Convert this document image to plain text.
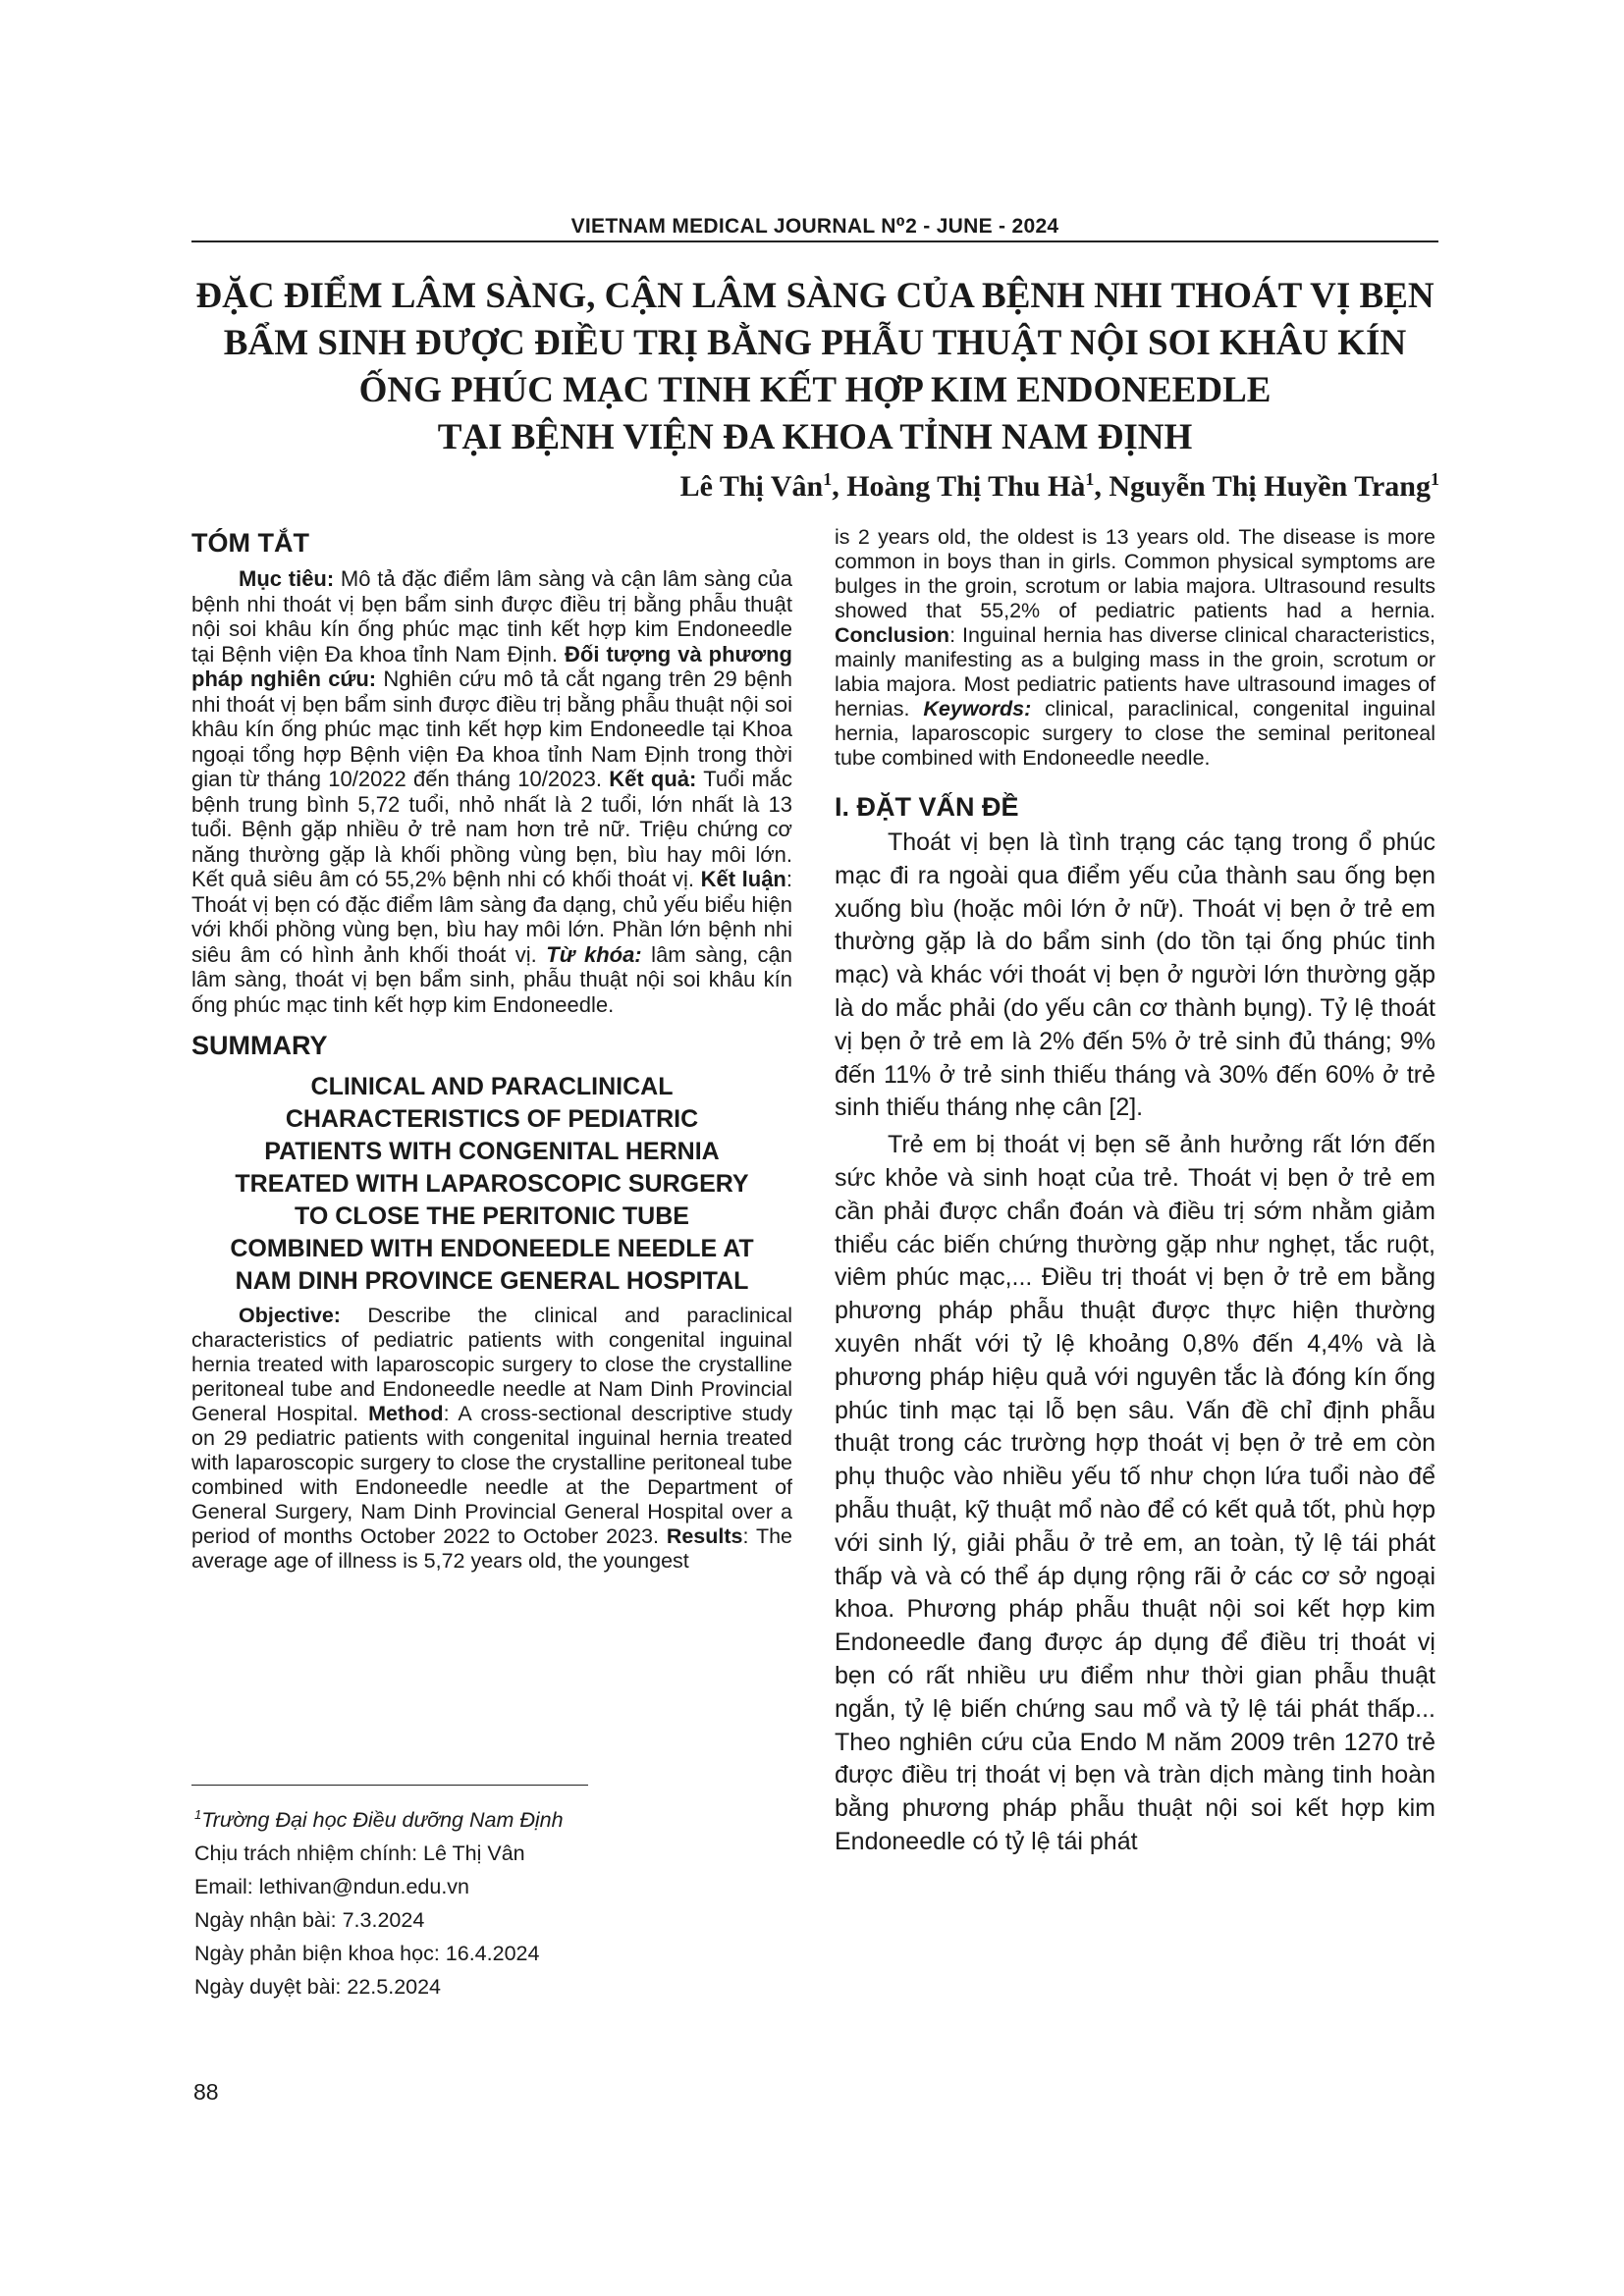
VIETNAM MEDICAL JOURNAL N⁰2 - JUNE - 2024
ĐẶC ĐIỂM LÂM SÀNG, CẬN LÂM SÀNG CỦA BỆNH NHI THOÁT VỊ BẸN
BẨM SINH ĐƯỢC ĐIỀU TRỊ BẰNG PHẪU THUẬT NỘI SOI KHÂU KÍN
ỐNG PHÚC MẠC TINH KẾT HỢP KIM ENDONEEDLE
TẠI BỆNH VIỆN ĐA KHOA TỈNH NAM ĐỊNH
Lê Thị Vân$^1$, Hoàng Thị Thu $Hà^1$, Nguyễn Thị Huyền Trang$^1$
TÓM TẮT

Mục tiêu: Mô tả đặc điểm lâm sàng và cận lâm sàng của bệnh nhi thoát vị bẹn bẩm sinh được điều trị bằng phẫu thuật nội soi khâu kín ống phúc mạc tinh kết hợp kim Endoneedle tại Bệnh viện Đa khoa tỉnh Nam Định. Đối tượng và phương pháp nghiên cứu: Nghiên cứu mô tả cắt ngang trên 29 bệnh nhi thoát vị bẹn bẩm sinh được điều trị bằng phẫu thuật nội soi khâu kín ống phúc mạc tinh kết hợp kim Endoneedle tại Khoa ngoại tổng hợp Bệnh viện Đa khoa tỉnh Nam Định trong thời gian từ tháng 10/2022 đến tháng 10/2023. Kết quả: Tuổi mắc bệnh trung bình 5,72 tuổi, nhỏ nhất là 2 tuổi, lớn nhất là 13 tuổi. Bệnh gặp nhiều ở trẻ nam hơn trẻ nữ. Triệu chứng cơ năng thường gặp là khối phồng vùng bẹn, bìu hay môi lớn. Kết quả siêu âm có 55,2% bệnh nhi có khối thoát vị. Kết luận: Thoát vị bẹn có đặc điểm lâm sàng đa dạng, chủ yếu biểu hiện với khối phồng vùng bẹn, bìu hay môi lớn. Phần lớn bệnh nhi siêu âm có hình ảnh khối thoát vị. Từ khóa: lâm sàng, cận lâm sàng, thoát vị bẹn bẩm sinh, phẫu thuật nội soi khâu kín ống phúc mạc tinh kết hợp kim Endoneedle.

SUMMARY
CLINICAL AND PARACLINICAL
CHARACTERISTICS OF PEDIATRIC
PATIENTS WITH CONGENITAL HERNIA
TREATED WITH LAPAROSCOPIC SURGERY
TO CLOSE THE PERITONIC TUBE
COMBINED WITH ENDONEEDLE NEEDLE AT
NAM DINH PROVINCE GENERAL HOSPITAL

Objective: Describe the clinical and paraclinical characteristics of pediatric patients with congenital inguinal hernia treated with laparoscopic surgery to close the crystalline peritoneal tube and Endoneedle needle at Nam Dinh Provincial General Hospital. Method: A cross-sectional descriptive study on 29 pediatric patients with congenital inguinal hernia treated with laparoscopic surgery to close the crystalline peritoneal tube combined with Endoneedle needle at the Department of General Surgery, Nam Dinh Provincial General Hospital over a period of months October 2022 to October 2023. Results: The average age of illness is 5,72 years old, the youngest

$^1$Trường Đại học Điều dưỡng Nam Định
Chịu trách nhiệm chính: Lê Thị Vân
Email: lethivan@ndun.edu.vn
Ngày nhận bài: 7.3.2024
Ngày phản biện khoa học: 16.4.2024
Ngày duyệt bài: 22.5.2024

is 2 years old, the oldest is 13 years old. The disease is more common in boys than in girls. Common physical symptoms are bulges in the groin, scrotum or labia majora. Ultrasound results showed that 55,2% of pediatric patients had a hernia. Conclusion: Inguinal hernia has diverse clinical characteristics, mainly manifesting as a bulging mass in the groin, scrotum or labia majora. Most pediatric patients have ultrasound images of hernias. Keywords: clinical, paraclinical, congenital inguinal hernia, laparoscopic surgery to close the seminal peritoneal tube combined with Endoneedle needle.

I. ĐẶT VẤN ĐỀ

Thoát vị bẹn là tình trạng các tạng trong ổ phúc mạc đi ra ngoài qua điểm yếu của thành sau ống bẹn xuống bìu (hoặc môi lớn ở nữ). Thoát vị bẹn ở trẻ em thường gặp là do bẩm sinh (do tồn tại ống phúc tinh mạc) và khác với thoát vị bẹn ở người lớn thường gặp là do mắc phải (do yếu cân cơ thành bụng). Tỷ lệ thoát vị bẹn ở trẻ em là 2% đến 5% ở trẻ sinh đủ tháng; 9% đến 11% ở trẻ sinh thiếu tháng và 30% đến 60% ở trẻ sinh thiếu tháng nhẹ cân [2].

Trẻ em bị thoát vị bẹn sẽ ảnh hưởng rất lớn đến sức khỏe và sinh hoạt của trẻ. Thoát vị bẹn ở trẻ em cần phải được chẩn đoán và điều trị sớm nhằm giảm thiểu các biến chứng thường gặp như nghẹt, tắc ruột, viêm phúc mạc,... Điều trị thoát vị bẹn ở trẻ em bằng phương pháp phẫu thuật được thực hiện thường xuyên nhất với tỷ lệ khoảng 0,8% đến 4,4% và là phương pháp hiệu quả với nguyên tắc là đóng kín ống phúc tinh mạc tại lỗ bẹn sâu. Vấn đề chỉ định phẫu thuật trong các trường hợp thoát vị bẹn ở trẻ em còn phụ thuộc vào nhiều yếu tố như chọn lứa tuổi nào để phẫu thuật, kỹ thuật mổ nào để có kết quả tốt, phù hợp với sinh lý, giải phẫu ở trẻ em, an toàn, tỷ lệ tái phát thấp và và có thể áp dụng rộng rãi ở các cơ sở ngoại khoa. Phương pháp phẫu thuật nội soi kết hợp kim Endoneedle đang được áp dụng để điều trị thoát vị bẹn có rất nhiều ưu điểm như thời gian phẫu thuật ngắn, tỷ lệ biến chứng sau mổ và tỷ lệ tái phát thấp... Theo nghiên cứu của Endo M năm 2009 trên 1270 trẻ được điều trị thoát vị bẹn và tràn dịch màng tinh hoàn bằng phương pháp phẫu thuật nội soi kết hợp kim Endoneedle có tỷ lệ tái phát

88
